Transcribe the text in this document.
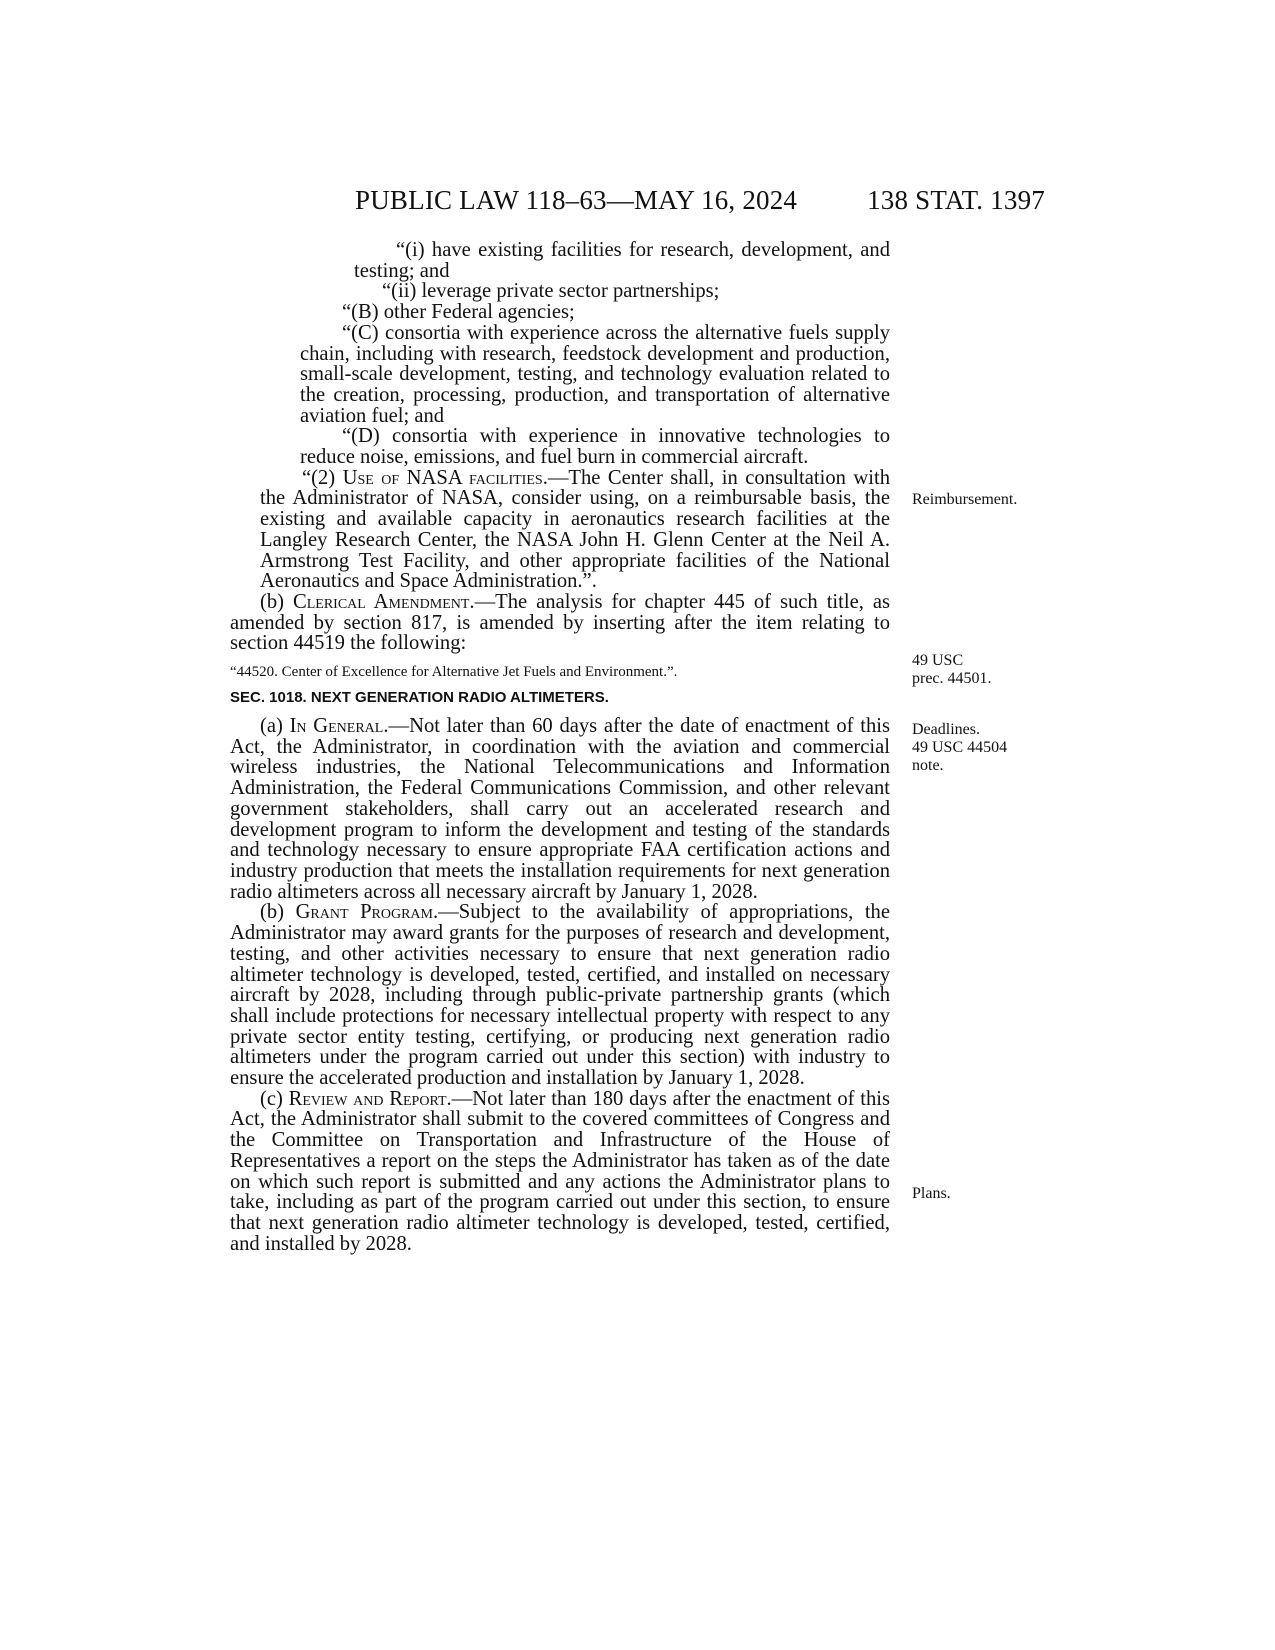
PUBLIC LAW 118–63—MAY 16, 2024	138 STAT. 1397

“(i) have existing facilities for research, development, and testing; and

“(ii) leverage private sector partnerships;

“(B) other Federal agencies;

“(C) consortia with experience across the alternative fuels supply chain, including with research, feedstock development and production, small-scale development, testing, and technology evaluation related to the creation, processing, production, and transportation of alternative aviation fuel; and

“(D) consortia with experience in innovative technologies to reduce noise, emissions, and fuel burn in commercial aircraft.

“(2) Use of NASA facilities.—The Center shall, in consultation with the Administrator of NASA, consider using, on a reimbursable basis, the existing and available capacity in aeronautics research facilities at the Langley Research Center, the NASA John H. Glenn Center at the Neil A. Armstrong Test Facility, and other appropriate facilities of the National Aeronautics and Space Administration.”.

(b) Clerical Amendment.—The analysis for chapter 445 of such title, as amended by section 817, is amended by inserting after the item relating to section 44519 the following:

“44520. Center of Excellence for Alternative Jet Fuels and Environment.”.

SEC. 1018. NEXT GENERATION RADIO ALTIMETERS.

(a) In General.—Not later than 60 days after the date of enactment of this Act, the Administrator, in coordination with the aviation and commercial wireless industries, the National Telecommunications and Information Administration, the Federal Communications Commission, and other relevant government stakeholders, shall carry out an accelerated research and development program to inform the development and testing of the standards and technology necessary to ensure appropriate FAA certification actions and industry production that meets the installation requirements for next generation radio altimeters across all necessary aircraft by January 1, 2028.

(b) Grant Program.—Subject to the availability of appropriations, the Administrator may award grants for the purposes of research and development, testing, and other activities necessary to ensure that next generation radio altimeter technology is developed, tested, certified, and installed on necessary aircraft by 2028, including through public-private partnership grants (which shall include protections for necessary intellectual property with respect to any private sector entity testing, certifying, or producing next generation radio altimeters under the program carried out under this section) with industry to ensure the accelerated production and installation by January 1, 2028.

(c) Review and Report.—Not later than 180 days after the enactment of this Act, the Administrator shall submit to the covered committees of Congress and the Committee on Transportation and Infrastructure of the House of Representatives a report on the steps the Administrator has taken as of the date on which such report is submitted and any actions the Administrator plans to take, including as part of the program carried out under this section, to ensure that next generation radio altimeter technology is developed, tested, certified, and installed by 2028.

Reimbursement.
49 USC
prec. 44501.
Deadlines.
49 USC 44504
note.
Plans.
